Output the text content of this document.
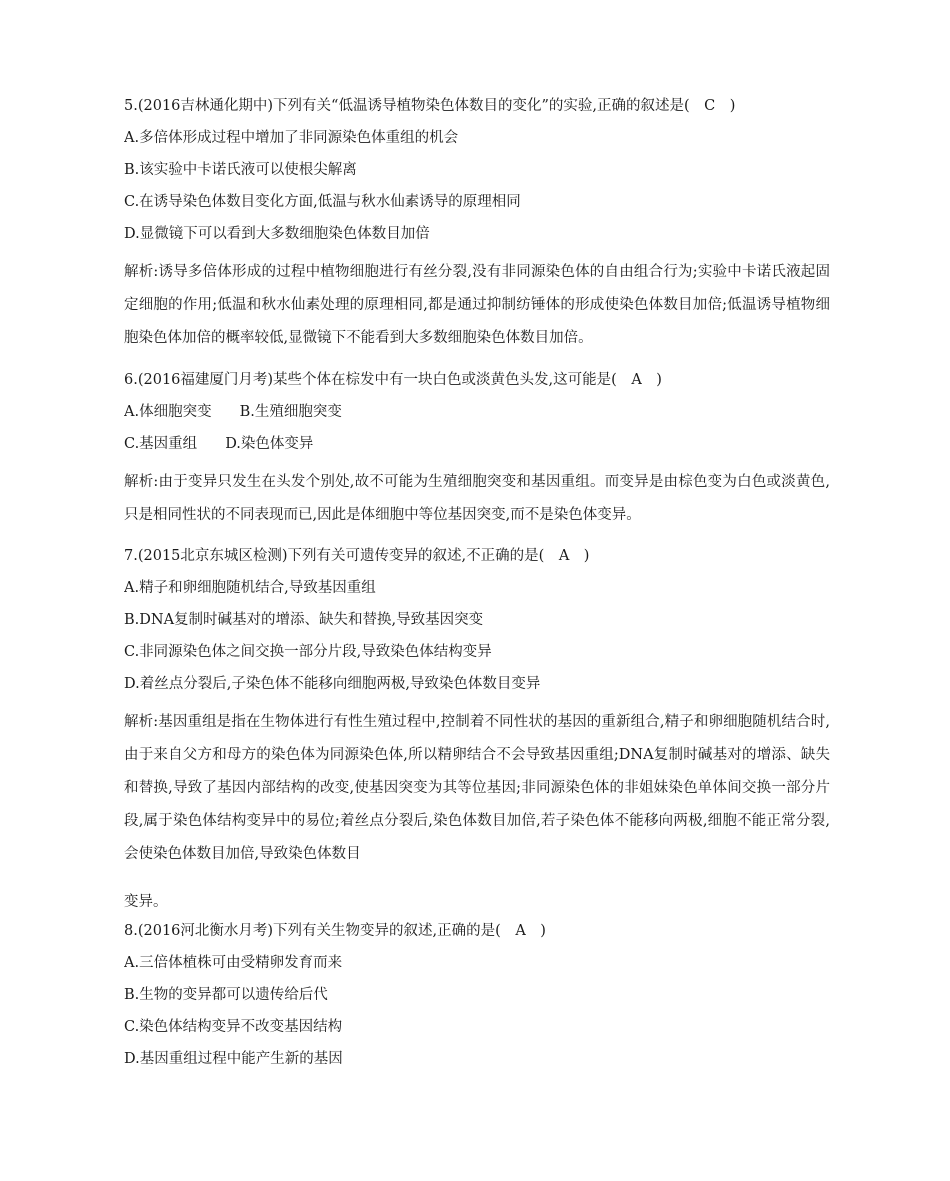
5.(2016吉林通化期中)下列有关“低温诱导植物染色体数目的变化”的实验,正确的叙述是(　C　)

A.多倍体形成过程中增加了非同源染色体重组的机会

B.该实验中卡诺氏液可以使根尖解离

C.在诱导染色体数目变化方面,低温与秋水仙素诱导的原理相同

D.显微镜下可以看到大多数细胞染色体数目加倍

解析:诱导多倍体形成的过程中植物细胞进行有丝分裂,没有非同源染色体的自由组合行为;实验中卡诺氏液起固定细胞的作用;低温和秋水仙素处理的原理相同,都是通过抑制纺锤体的形成使染色体数目加倍;低温诱导植物细胞染色体加倍的概率较低,显微镜下不能看到大多数细胞染色体数目加倍。

6.(2016福建厦门月考)某些个体在棕发中有一块白色或淡黄色头发,这可能是(　A　)

A.体细胞突变 B.生殖细胞突变

C.基因重组 D.染色体变异

解析:由于变异只发生在头发个别处,故不可能为生殖细胞突变和基因重组。而变异是由棕色变为白色或淡黄色,只是相同性状的不同表现而已,因此是体细胞中等位基因突变,而不是染色体变异。

7.(2015北京东城区检测)下列有关可遗传变异的叙述,不正确的是(　A　)

A.精子和卵细胞随机结合,导致基因重组

B.DNA复制时碱基对的增添、缺失和替换,导致基因突变

C.非同源染色体之间交换一部分片段,导致染色体结构变异

D.着丝点分裂后,子染色体不能移向细胞两极,导致染色体数目变异

解析:基因重组是指在生物体进行有性生殖过程中,控制着不同性状的基因的重新组合,精子和卵细胞随机结合时,由于来自父方和母方的染色体为同源染色体,所以精卵结合不会导致基因重组;DNA复制时碱基对的增添、缺失和替换,导致了基因内部结构的改变,使基因突变为其等位基因;非同源染色体的非姐妹染色单体间交换一部分片段,属于染色体结构变异中的易位;着丝点分裂后,染色体数目加倍,若子染色体不能移向两极,细胞不能正常分裂,会使染色体数目加倍,导致染色体数目

变异。

8.(2016河北衡水月考)下列有关生物变异的叙述,正确的是(　A　)

A.三倍体植株可由受精卵发育而来

B.生物的变异都可以遗传给后代

C.染色体结构变异不改变基因结构

D.基因重组过程中能产生新的基因
